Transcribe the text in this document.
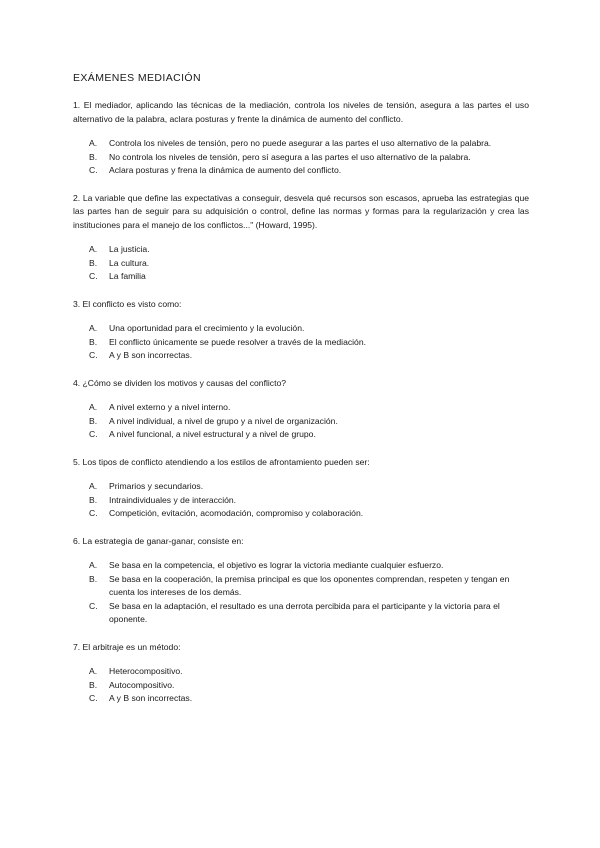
EXÁMENES MEDIACIÓN
1. El mediador, aplicando las técnicas de la mediación, controla los niveles de tensión, asegura a las partes el uso alternativo de la palabra, aclara posturas y frente la dinámica de aumento del conflicto.
A. Controla los niveles de tensión, pero no puede asegurar a las partes el uso alternativo de la palabra.
B. No controla los niveles de tensión, pero sí asegura a las partes el uso alternativo de la palabra.
C. Aclara posturas y frena la dinámica de aumento del conflicto.
2. La variable que define las expectativas a conseguir, desvela qué recursos son escasos, aprueba las estrategias que las partes han de seguir para su adquisición o control, define las normas y formas para la regularización y crea las instituciones para el manejo de los conflictos..." (Howard, 1995).
A. La justicia.
B. La cultura.
C. La familia
3. El conflicto es visto como:
A. Una oportunidad para el crecimiento y la evolución.
B. El conflicto únicamente se puede resolver a través de la mediación.
C. A y B son incorrectas.
4. ¿Cómo se dividen los motivos y causas del conflicto?
A. A nivel externo y a nivel interno.
B. A nivel individual, a nivel de grupo y a nivel de organización.
C. A nivel funcional, a nivel estructural y a nivel de grupo.
5. Los tipos de conflicto atendiendo a los estilos de afrontamiento pueden ser:
A. Primarios y secundarios.
B. Intraindividuales y de interacción.
C. Competición, evitación, acomodación, compromiso y colaboración.
6. La estrategia de ganar-ganar, consiste en:
A. Se basa en la competencia, el objetivo es lograr la victoria mediante cualquier esfuerzo.
B. Se basa en la cooperación, la premisa principal es que los oponentes comprendan, respeten y tengan en cuenta los intereses de los demás.
C. Se basa en la adaptación, el resultado es una derrota percibida para el participante y la victoria para el oponente.
7. El arbitraje es un método:
A. Heterocompositivo.
B. Autocompositivo.
C. A y B son incorrectas.
